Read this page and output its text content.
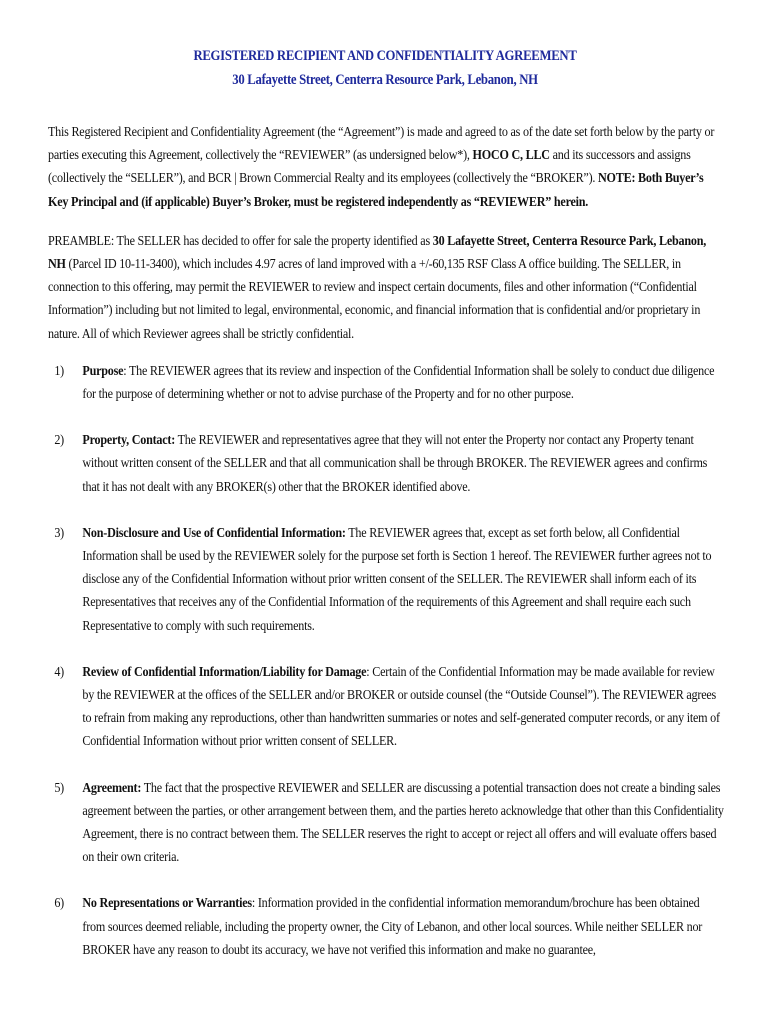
REGISTERED RECIPIENT AND CONFIDENTIALITY AGREEMENT
30 Lafayette Street, Centerra Resource Park, Lebanon, NH

This Registered Recipient and Confidentiality Agreement (the “Agreement”) is made and agreed to as of the date set forth below by the party or parties executing this Agreement, collectively the “REVIEWER” (as undersigned below*), HOCO C, LLC and its successors and assigns (collectively the “SELLER”), and BCR | Brown Commercial Realty and its employees (collectively the “BROKER”). NOTE: Both Buyer’s Key Principal and (if applicable) Buyer’s Broker, must be registered independently as “REVIEWER” herein.

PREAMBLE: The SELLER has decided to offer for sale the property identified as 30 Lafayette Street, Centerra Resource Park, Lebanon, NH (Parcel ID 10-11-3400), which includes 4.97 acres of land improved with a +/-60,135 RSF Class A office building. The SELLER, in connection to this offering, may permit the REVIEWER to review and inspect certain documents, files and other information (“Confidential Information”) including but not limited to legal, environmental, economic, and financial information that is confidential and/or proprietary in nature. All of which Reviewer agrees shall be strictly confidential.

1) Purpose: The REVIEWER agrees that its review and inspection of the Confidential Information shall be solely to conduct due diligence for the purpose of determining whether or not to advise purchase of the Property and for no other purpose.
2) Property, Contact: The REVIEWER and representatives agree that they will not enter the Property nor contact any Property tenant without written consent of the SELLER and that all communication shall be through BROKER. The REVIEWER agrees and confirms that it has not dealt with any BROKER(s) other that the BROKER identified above.
3) Non-Disclosure and Use of Confidential Information: The REVIEWER agrees that, except as set forth below, all Confidential Information shall be used by the REVIEWER solely for the purpose set forth is Section 1 hereof. The REVIEWER further agrees not to disclose any of the Confidential Information without prior written consent of the SELLER. The REVIEWER shall inform each of its Representatives that receives any of the Confidential Information of the requirements of this Agreement and shall require each such Representative to comply with such requirements.
4) Review of Confidential Information/Liability for Damage: Certain of the Confidential Information may be made available for review by the REVIEWER at the offices of the SELLER and/or BROKER or outside counsel (the “Outside Counsel”). The REVIEWER agrees to refrain from making any reproductions, other than handwritten summaries or notes and self-generated computer records, or any item of Confidential Information without prior written consent of SELLER.
5) Agreement: The fact that the prospective REVIEWER and SELLER are discussing a potential transaction does not create a binding sales agreement between the parties, or other arrangement between them, and the parties hereto acknowledge that other than this Confidentiality Agreement, there is no contract between them. The SELLER reserves the right to accept or reject all offers and will evaluate offers based on their own criteria.
6) No Representations or Warranties: Information provided in the confidential information memorandum/brochure has been obtained from sources deemed reliable, including the property owner, the City of Lebanon, and other local sources. While neither SELLER nor BROKER have any reason to doubt its accuracy, we have not verified this information and make no guarantee,
